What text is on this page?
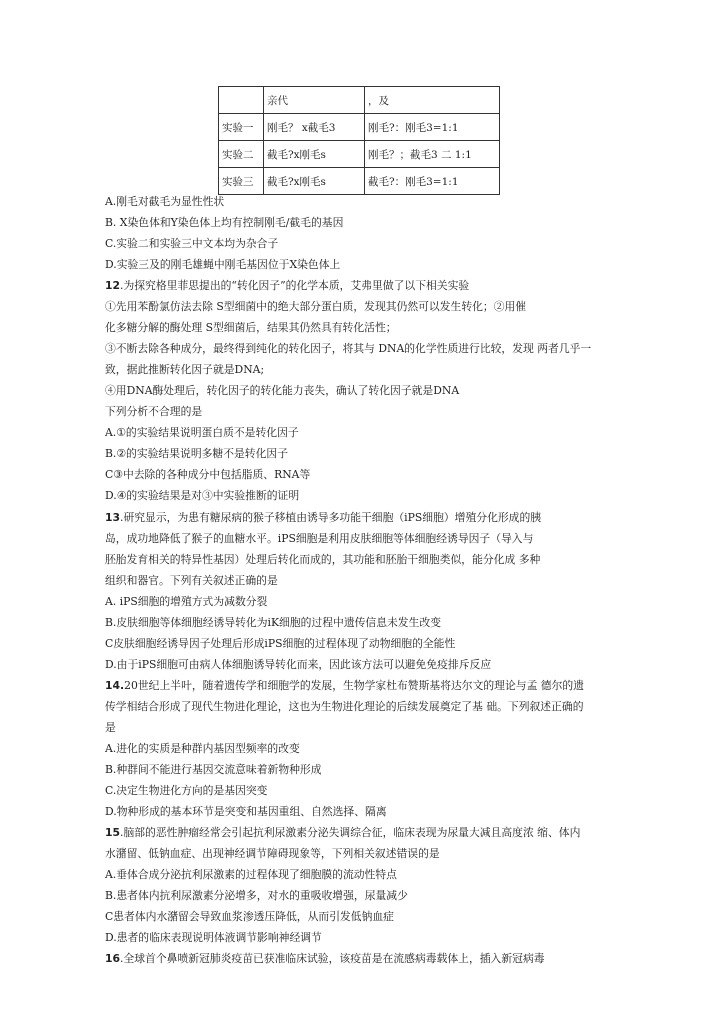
	亲代	，及
实验一	刚毛？ x截毛3	刚毛?：刚毛3=1:1
实验二	截毛?x刚毛s	刚毛？；截毛3 二 1:1
实验三	截毛?x刚毛s	截毛?：刚毛3=1:1
A.刚毛对截毛为显性性状
B. X染色体和Y染色体上均有控制刚毛/截毛的基因
C.实验二和实验三中文本均为杂合子
D.实验三及的刚毛雄蝇中刚毛基因位于X染色体上
12.为探究格里菲思提出的“转化因子”的化学本质，艾弗里做了以下相关实验
①先用苯酚氯仿法去除 S型细菌中的绝大部分蛋白质，发现其仍然可以发生转化；②用催
化多糖分解的酶处理 S型细菌后，结果其仍然具有转化活性；
③不断去除各种成分，最终得到纯化的转化因子，将其与 DNA的化学性质进行比较，发现 两者几乎一
致，据此推断转化因子就是DNA;
④用DNA酶处理后，转化因子的转化能力丧失，确认了转化因子就是DNA
下列分析不合理的是
A.①的实验结果说明蛋白质不是转化因子
B.②的实验结果说明多糖不是转化因子
C③中去除的各种成分中包括脂质、RNA等
D.④的实验结果是对③中实验推断的证明
13.研究显示，为患有糖尿病的猴子移植由诱导多功能干细胞（iPS细胞）增殖分化形成的胰
岛，成功地降低了猴子的血糖水平。iPS细胞是利用皮肤细胞等体细胞经诱导因子（导入与
胚胎发育相关的特异性基因）处理后转化而成的，其功能和胚胎干细胞类似，能分化成 多种
组织和器官。下列有关叙述正确的是
A. iPS细胞的增殖方式为减数分裂
B.皮肤细胞等体细胞经诱导转化为iK细胞的过程中遗传信息未发生改变
C皮肤细胞经诱导因子处理后形成iPS细胞的过程体现了动物细胞的全能性
D.由于iPS细胞可由病人体细胞诱导转化而来，因此该方法可以避免免疫排斥反应
14.20世纪上半叶，随着遗传学和细胞学的发展，生物学家杜布赞斯基将达尔文的理论与孟 德尔的遗
传学相结合形成了现代生物进化理论，这也为生物进化理论的后续发展奠定了基 础。下列叙述正确的
是
A.进化的实质是种群内基因型频率的改变
B.种群间不能进行基因交流意味着新物种形成
C.决定生物进化方向的是基因突变
D.物种形成的基本环节是突变和基因重组、自然选择、隔离
15.脑部的恶性肿瘤经常会引起抗利尿激素分泌失调综合征，临床表现为尿量大减且高度浓 缩、体内
水潴留、低钠血症、出现神经调节障碍现象等，下列相关叙述错误的是
A.垂体合成分泌抗利尿激素的过程体现了细胞膜的流动性特点
B.患者体内抗利尿激素分泌增多，对水的重吸收增强，尿量减少
C患者体内水潴留会导致血浆渗透压降低，从而引发低钠血症
D.患者的临床表现说明体液调节影响神经调节
16.全球首个鼻喷新冠肺炎疫苗已获准临床试验，该疫苗是在流感病毒载体上，插入新冠病毒
